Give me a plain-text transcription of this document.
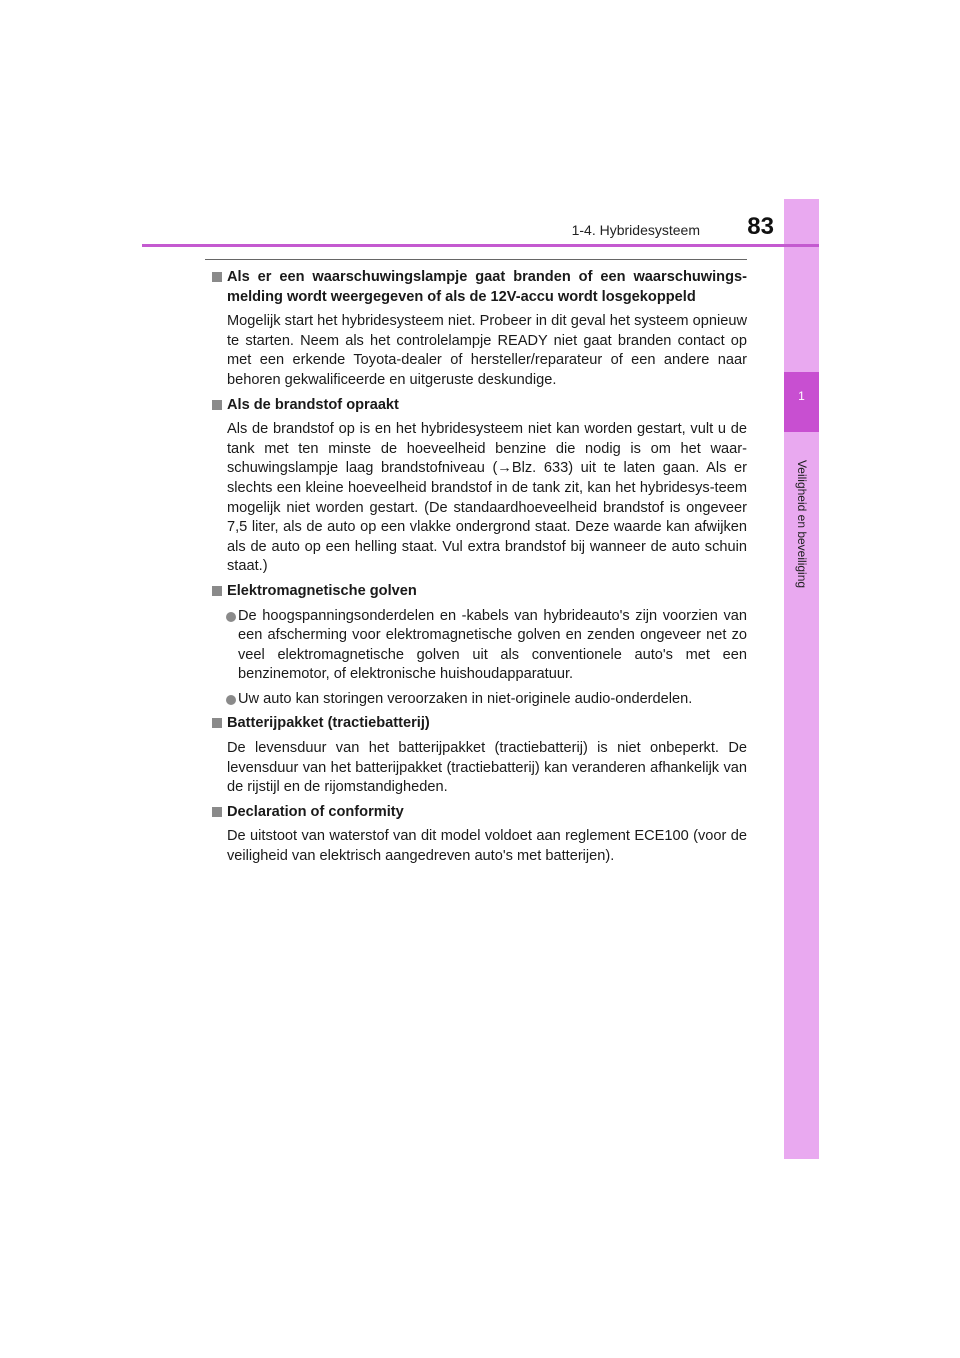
1
Veiligheid en beveiliging
1-4. Hybridesysteem	83
Als er een waarschuwingslampje gaat branden of een waarschuwings-melding wordt weergegeven of als de 12V-accu wordt losgekoppeld
Mogelijk start het hybridesysteem niet. Probeer in dit geval het systeem opnieuw te starten. Neem als het controlelampje READY niet gaat branden contact op met een erkende Toyota-dealer of hersteller/reparateur of een andere naar behoren gekwalificeerde en uitgeruste deskundige.
Als de brandstof opraakt
Als de brandstof op is en het hybridesysteem niet kan worden gestart, vult u de tank met ten minste de hoeveelheid benzine die nodig is om het waar-schuwingslampje laag brandstofniveau (→Blz. 633) uit te laten gaan. Als er slechts een kleine hoeveelheid brandstof in de tank zit, kan het hybridesys-teem mogelijk niet worden gestart. (De standaardhoeveelheid brandstof is ongeveer 7,5 liter, als de auto op een vlakke ondergrond staat. Deze waarde kan afwijken als de auto op een helling staat. Vul extra brandstof bij wanneer de auto schuin staat.)
Elektromagnetische golven
De hoogspanningsonderdelen en -kabels van hybrideauto's zijn voorzien van een afscherming voor elektromagnetische golven en zenden ongeveer net zo veel elektromagnetische golven uit als conventionele auto's met een benzinemotor, of elektronische huishoudapparatuur.
Uw auto kan storingen veroorzaken in niet-originele audio-onderdelen.
Batterijpakket (tractiebatterij)
De levensduur van het batterijpakket (tractiebatterij) is niet onbeperkt. De levensduur van het batterijpakket (tractiebatterij) kan veranderen afhankelijk van de rijstijl en de rijomstandigheden.
Declaration of conformity
De uitstoot van waterstof van dit model voldoet aan reglement ECE100 (voor de veiligheid van elektrisch aangedreven auto's met batterijen).
